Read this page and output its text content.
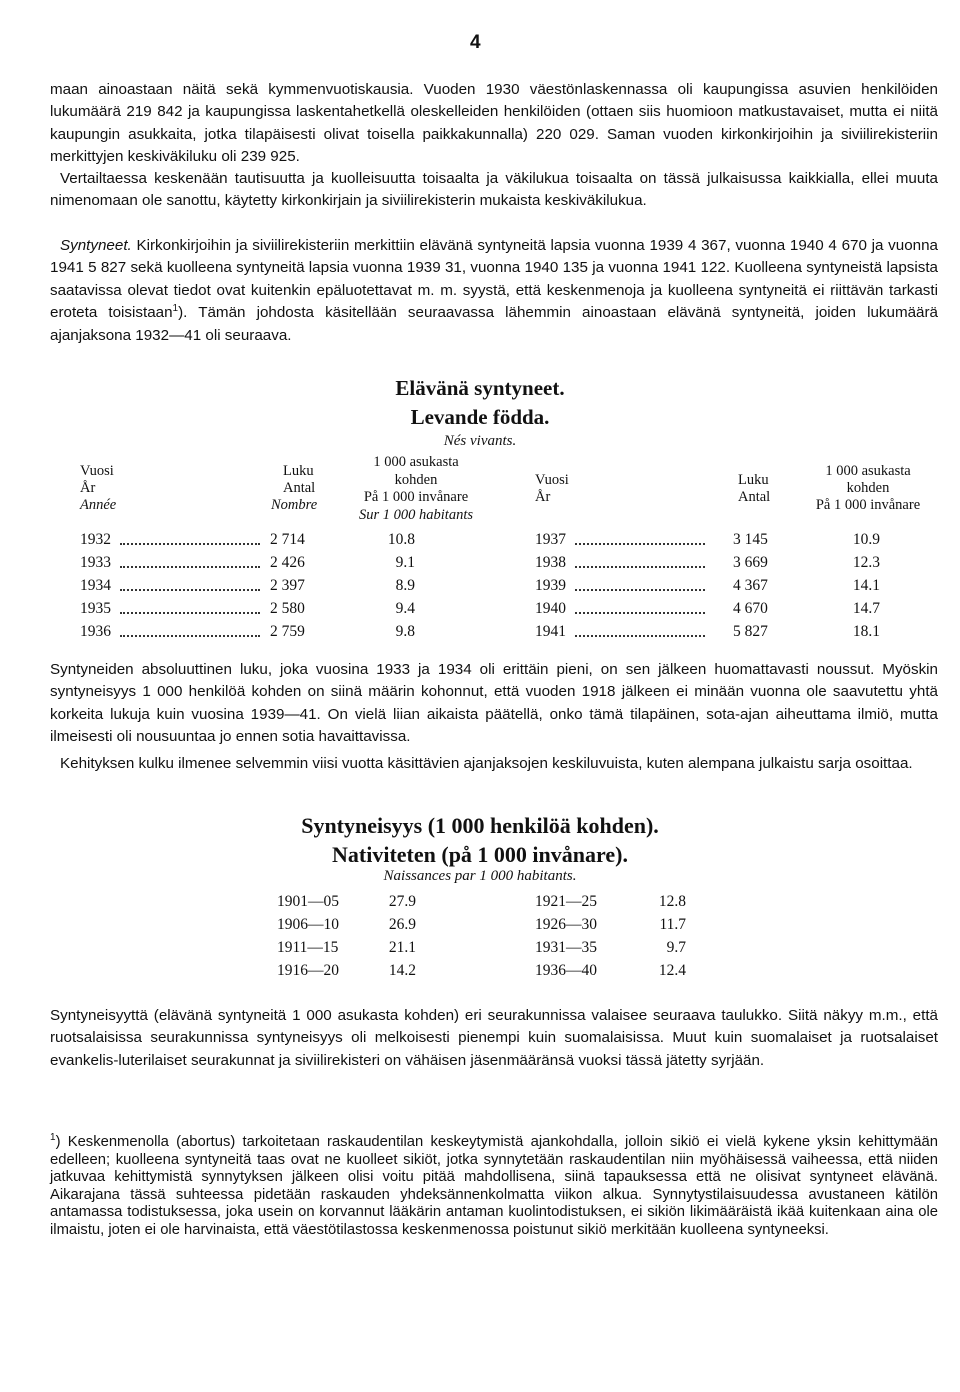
4

maan ainoastaan näitä sekä kymmenvuotiskausia. Vuoden 1930 väestönlaskennassa oli kaupungissa asuvien henkilöiden lukumäärä 219 842 ja kaupungissa laskentahetkellä oleskelleiden henkilöiden (ottaen siis huomioon matkustavaiset, mutta ei niitä kaupungin asukkaita, jotka tilapäisesti olivat toisella paikkakunnalla) 220 029. Saman vuoden kirkonkirjoihin ja siviilirekisteriin merkittyjen keskiväkiluku oli 239 925.

Vertailtaessa keskenään tautisuutta ja kuolleisuutta toisaalta ja väkilukua toisaalta on tässä julkaisussa kaikkialla, ellei muuta nimenomaan ole sanottu, käytetty kirkonkirjain ja siviilirekisterin mukaista keskiväkilukua.

Syntyneet. Kirkonkirjoihin ja siviilirekisteriin merkittiin elävänä syntyneitä lapsia vuonna 1939 4 367, vuonna 1940 4 670 ja vuonna 1941 5 827 sekä kuolleena syntyneitä lapsia vuonna 1939 31, vuonna 1940 135 ja vuonna 1941 122. Kuolleena syntyneistä lapsista saatavissa olevat tiedot ovat kuitenkin epäluotettavat m. m. syystä, että keskenmenoja ja kuolleena syntyneitä ei riittävän tarkasti eroteta toisistaan$^1$). Tämän johdosta käsitellään seuraavassa lähemmin ainoastaan elävänä syntyneitä, joiden lukumäärä ajanjaksona 1932—41 oli seuraava.

Elävänä syntyneet.
Levande födda.
Nés vivants.
Vuosi
År
Année
Luku
Antal
Nombre
1 000 asukasta
kohden
På 1 000 invånare
Sur 1 000 habitants
Vuosi
År
Luku
Antal
1 000 asukasta
kohden
På 1 000 invånare
1932	2 714	10.8
1933	2 426	9.1
1934	2 397	8.9
1935	2 580	9.4
1936	2 759	9.8
1937	3 145	10.9
1938	3 669	12.3
1939	4 367	14.1
1940	4 670	14.7
1941	5 827	18.1

Syntyneiden absoluuttinen luku, joka vuosina 1933 ja 1934 oli erittäin pieni, on sen jälkeen huomattavasti noussut. Myöskin syntyneisyys 1 000 henkilöä kohden on siinä määrin kohonnut, että vuoden 1918 jälkeen ei minään vuonna ole saavutettu yhtä korkeita lukuja kuin vuosina 1939—41. On vielä liian aikaista päätellä, onko tämä tilapäinen, sota-ajan aiheuttama ilmiö, mutta ilmeisesti oli nousuuntaa jo ennen sotia havaittavissa.

Kehityksen kulku ilmenee selvemmin viisi vuotta käsittävien ajanjaksojen keskiluvuista, kuten alempana julkaistu sarja osoittaa.

Syntyneisyys (1 000 henkilöä kohden).
Nativiteten (på 1 000 invånare).
Naissances par 1 000 habitants.
1901—05	27.9
1906—10	26.9
1911—15	21.1
1916—20	14.2
1921—25	12.8
1926—30	11.7
1931—35	9.7
1936—40	12.4

Syntyneisyyttä (elävänä syntyneitä 1 000 asukasta kohden) eri seurakunnissa valaisee seuraava taulukko. Siitä näkyy m.m., että ruotsalaisissa seurakunnissa syntyneisyys oli melkoisesti pienempi kuin suomalaisissa. Muut kuin suomalaiset ja ruotsalaiset evankelis-luterilaiset seurakunnat ja siviilirekisteri on vähäisen jäsenmääränsä vuoksi tässä jätetty syrjään.

$^1$) Keskenmenolla (abortus) tarkoitetaan raskaudentilan keskeytymistä ajankohdalla, jolloin sikiö ei vielä kykene yksin kehittymään edelleen; kuolleena syntyneitä taas ovat ne kuolleet sikiöt, jotka synnytetään raskaudentilan niin myöhäisessä vaiheessa, että niiden jatkuvaa kehittymistä synnytyksen jälkeen olisi voitu pitää mahdollisena, siinä tapauksessa että ne olisivat syntyneet elävänä. Aikarajana tässä suhteessa pidetään raskauden yhdeksännenkolmatta viikon alkua. Synnytystilaisuudessa avustaneen kätilön antamassa todistuksessa, joka usein on korvannut lääkärin antaman kuolintodistuksen, ei sikiön likimääräistä ikää kuitenkaan aina ole ilmaistu, joten ei ole harvinaista, että väestötilastossa keskenmenossa poistunut sikiö merkitään kuolleena syntyneeksi.
